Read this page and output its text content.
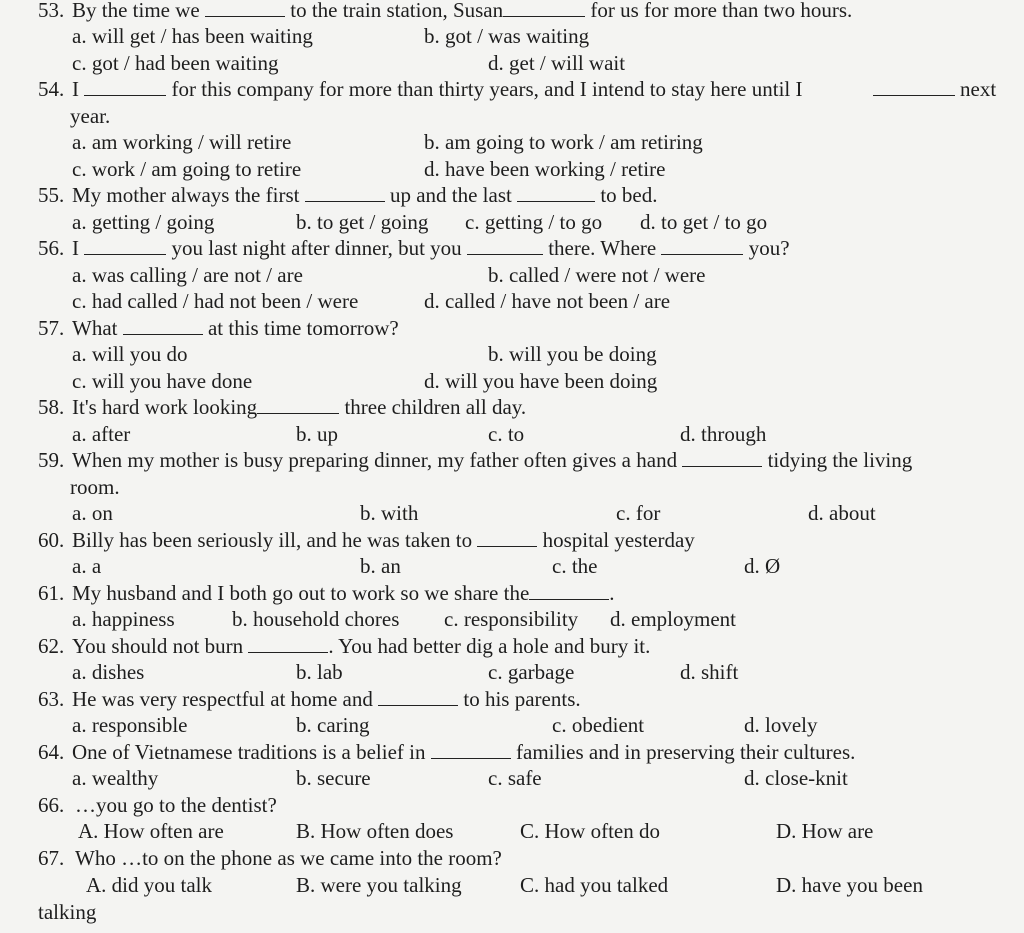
53. By the time we	to the train station, Susan	for us for more than two hours.
a. will get / has been waiting	b. got / was waiting
c. got / had been waiting	d. get / will wait
54. I	for this company for more than thirty years, and I intend to stay here until I	next
year.
a. am working / will retire	b. am going to work / am retiring
c. work / am going to retire	d. have been working / retire
55. My mother always the first	up and the last	to bed.
a. getting / going	b. to get / going c. getting / to go d. to get / to go
56. I	you last night after dinner, but you	there. Where	you?
a. was calling / are not / are	b. called / were not / were
c. had called / had not been / were	d. called / have not been / are
57. What	at this time tomorrow?
a. will you do	b. will you be doing
c. will you have done	d. will you have been doing
58. It's hard work looking	three children all day.
a. after	b. up	c. to	d. through
59. When my mother is busy preparing dinner, my father often gives a hand	tidying the living
room.
a. on	b. with	c. for	d. about
60. Billy has been seriously ill, and he was taken to	hospital yesterday
a. a	b. an	c. the	d. Ø
61. My husband and I both go out to work so we share the	.
a. happiness	b. household chores c. responsibility d. employment
62. You should not burn	. You had better dig a hole and bury it.
a. dishes	b. lab	c. garbage	d. shift
63. He was very respectful at home and	to his parents.
a. responsible	b. caring	c. obedient	d. lovely
64. One of Vietnamese traditions is a belief in	families and in preserving their cultures.
a. wealthy	b. secure	c. safe	d. close-knit
66. …you go to the dentist?
A. How often are	B. How often does	C. How often do	D. How are
67. Who …to on the phone as we came into the room?
A. did you talk	B. were you talking	C. had you talked	D. have you been
talking
